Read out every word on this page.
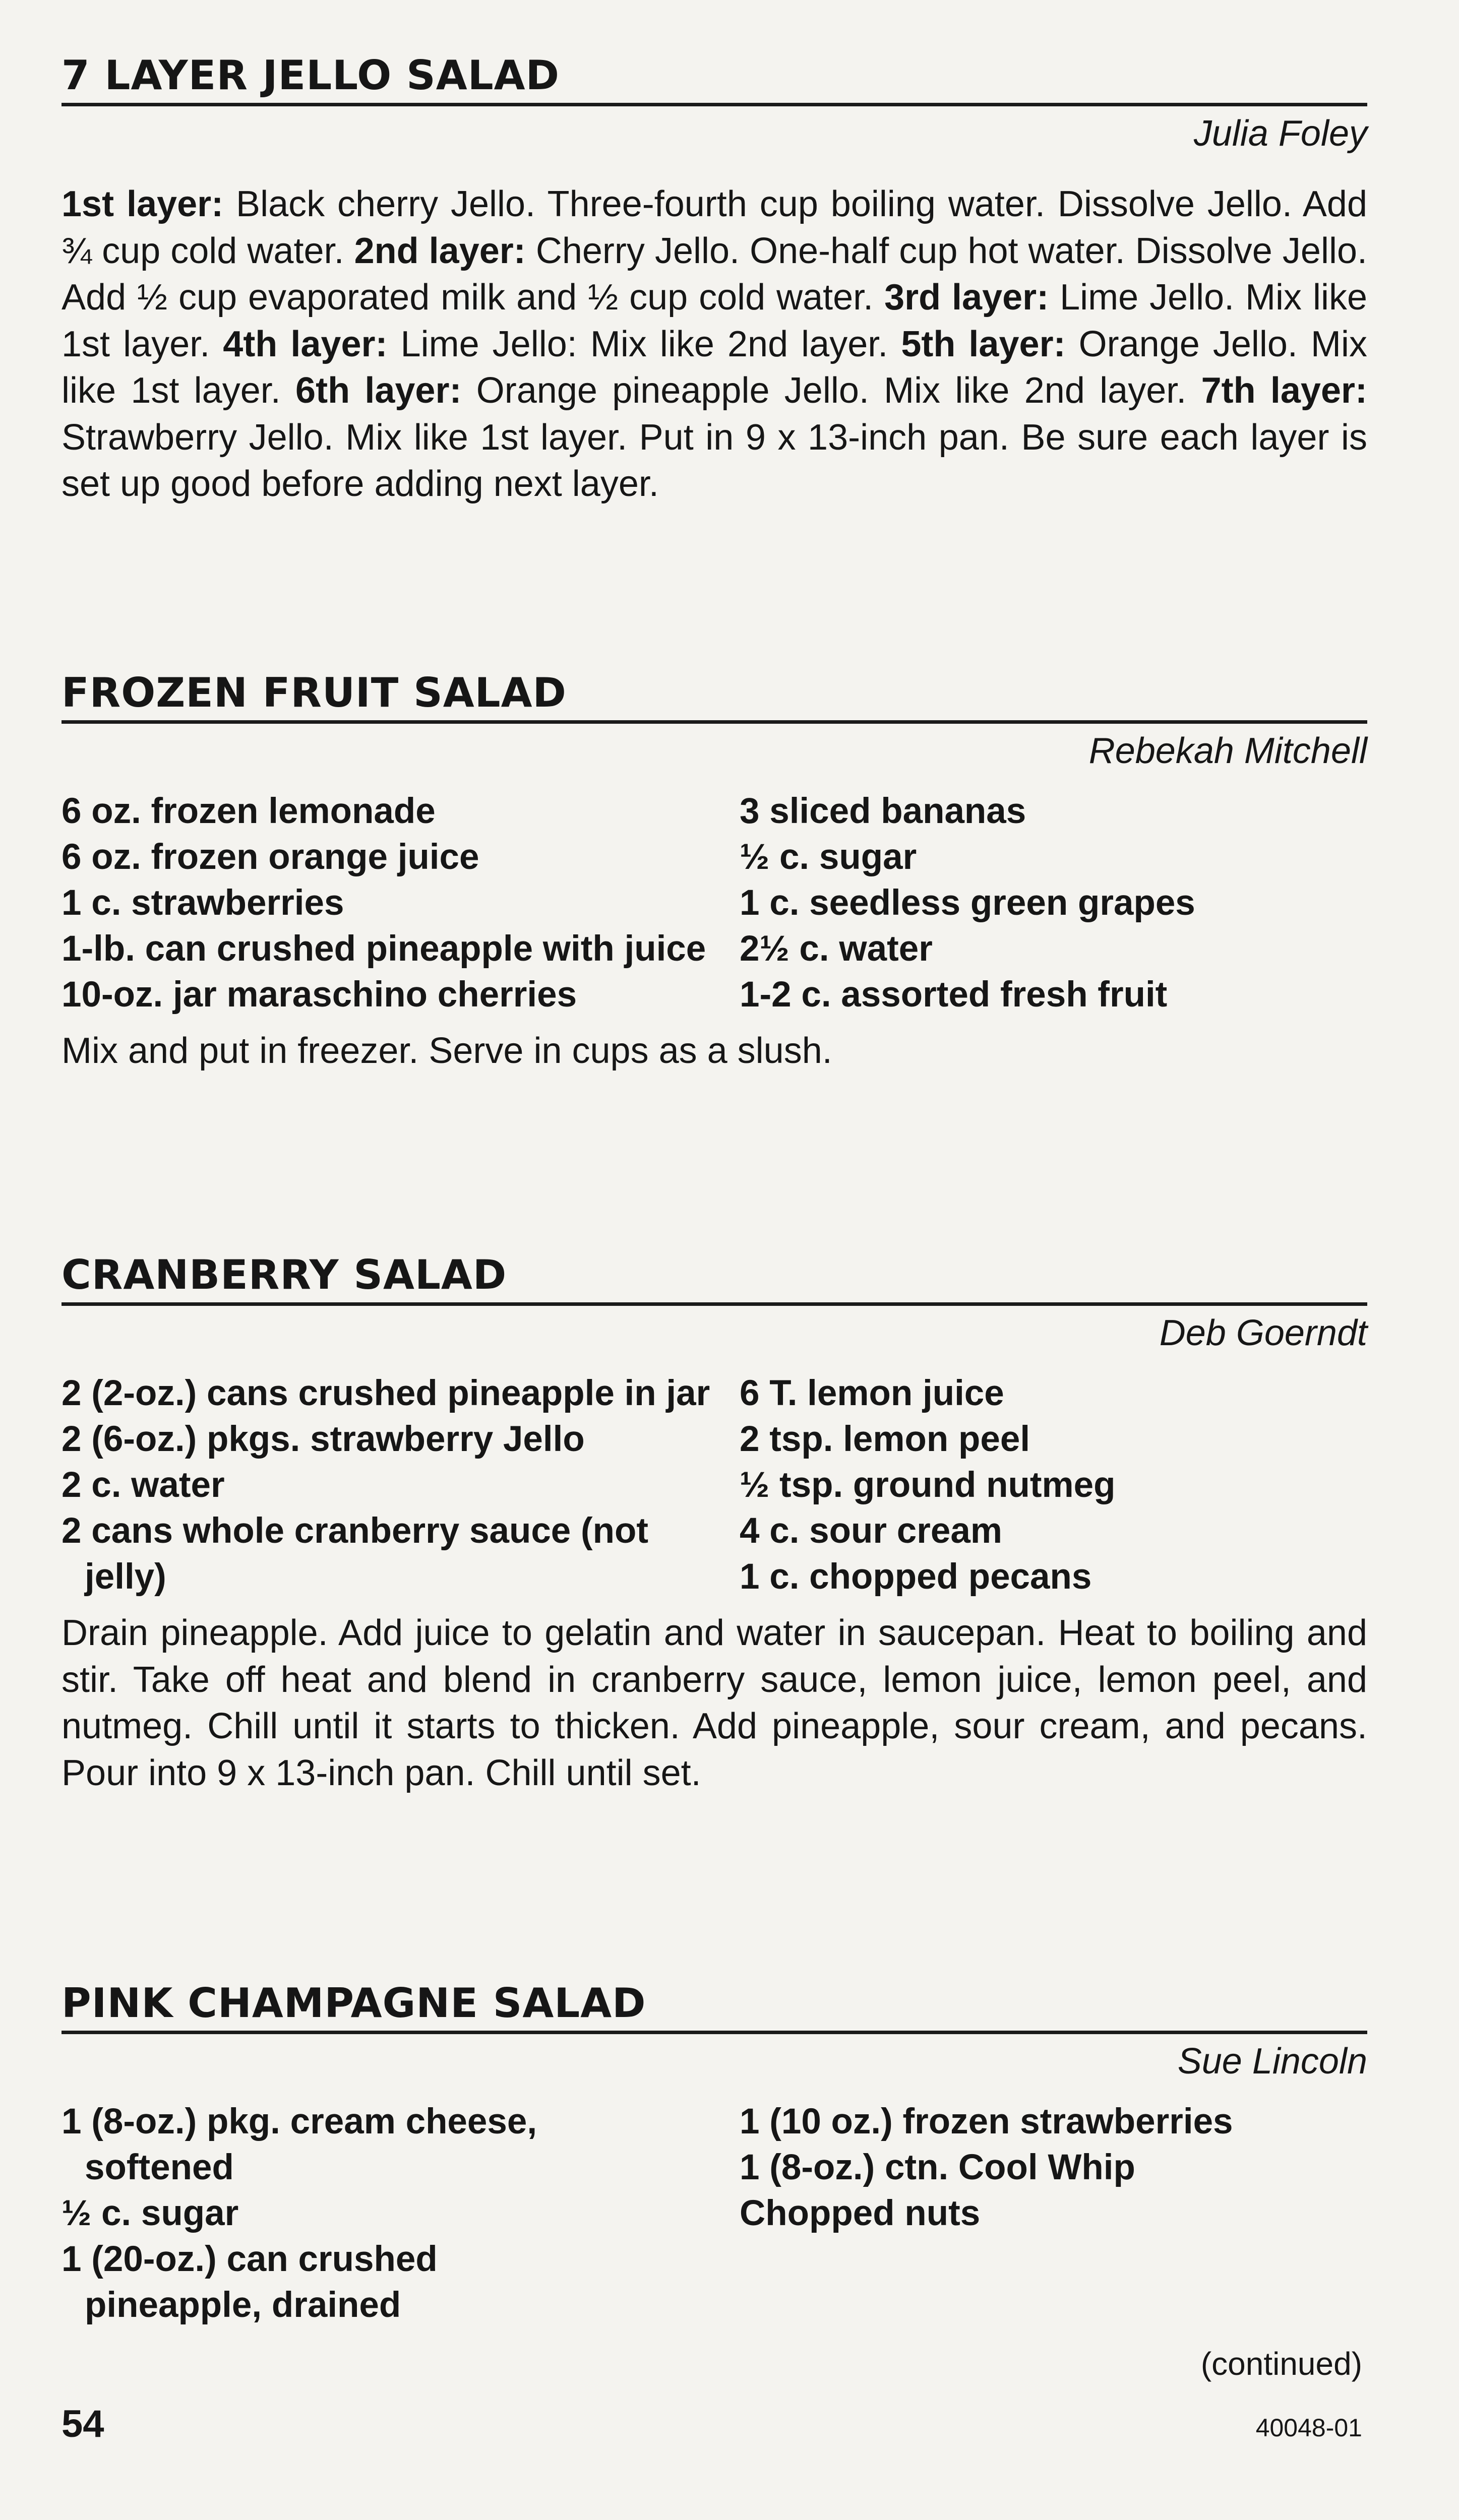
7 LAYER JELLO SALAD
Julia Foley
1st layer: Black cherry Jello. Three-fourth cup boiling water. Dissolve Jello. Add ¾ cup cold water. 2nd layer: Cherry Jello. One-half cup hot water. Dissolve Jello. Add ½ cup evaporated milk and ½ cup cold water. 3rd layer: Lime Jello. Mix like 1st layer. 4th layer: Lime Jello: Mix like 2nd layer. 5th layer: Orange Jello. Mix like 1st layer. 6th layer: Orange pineapple Jello. Mix like 2nd layer. 7th layer: Strawberry Jello. Mix like 1st layer. Put in 9 x 13-inch pan. Be sure each layer is set up good before adding next layer.
FROZEN FRUIT SALAD
Rebekah Mitchell
6 oz. frozen lemonade
6 oz. frozen orange juice
1 c. strawberries
1-lb. can crushed pineapple with juice
10-oz. jar maraschino cherries
3 sliced bananas
½ c. sugar
1 c. seedless green grapes
2½ c. water
1-2 c. assorted fresh fruit
Mix and put in freezer. Serve in cups as a slush.
CRANBERRY SALAD
Deb Goerndt
2 (2-oz.) cans crushed pineapple in jar
2 (6-oz.) pkgs. strawberry Jello
2 c. water
2 cans whole cranberry sauce (not jelly)
6 T. lemon juice
2 tsp. lemon peel
½ tsp. ground nutmeg
4 c. sour cream
1 c. chopped pecans
Drain pineapple. Add juice to gelatin and water in saucepan. Heat to boiling and stir. Take off heat and blend in cranberry sauce, lemon juice, lemon peel, and nutmeg. Chill until it starts to thicken. Add pineapple, sour cream, and pecans. Pour into 9 x 13-inch pan. Chill until set.
PINK CHAMPAGNE SALAD
Sue Lincoln
1 (8-oz.) pkg. cream cheese, softened
½ c. sugar
1 (20-oz.) can crushed pineapple, drained
1 (10 oz.) frozen strawberries
1 (8-oz.) ctn. Cool Whip
Chopped nuts
(continued)
54	40048-01
